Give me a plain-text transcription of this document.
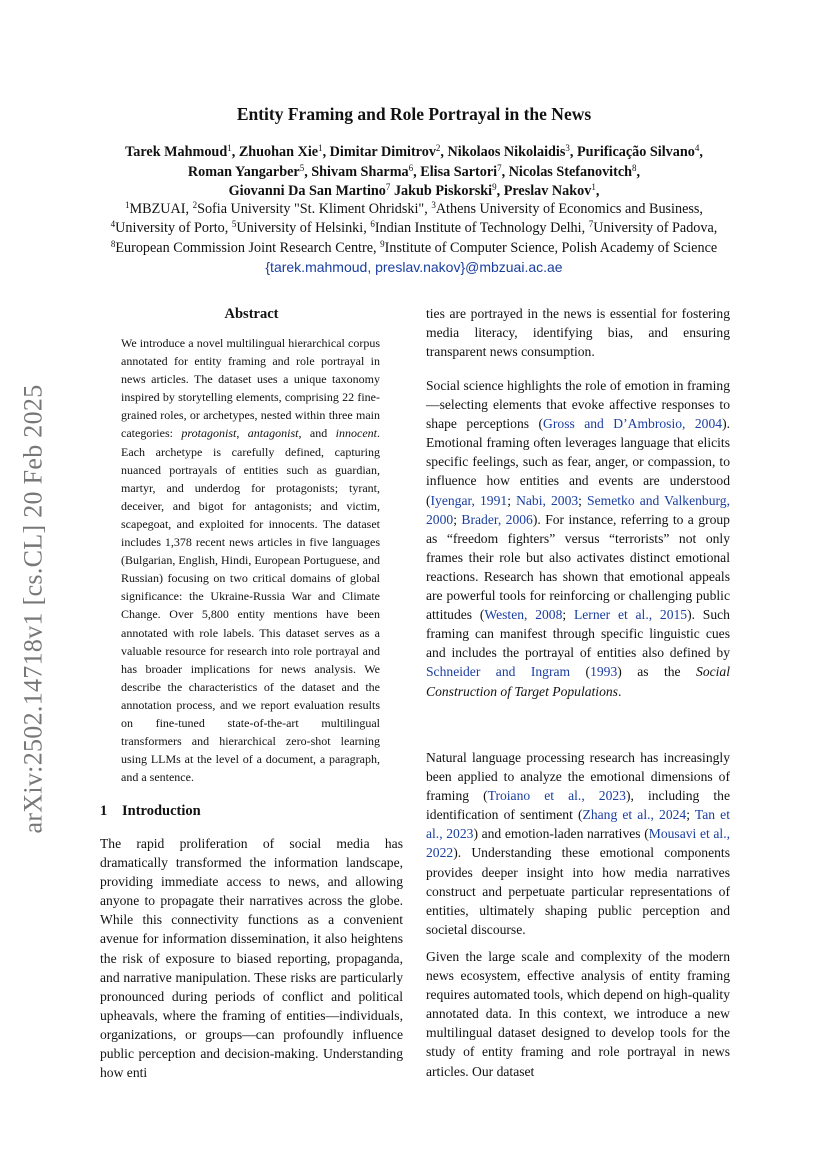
Entity Framing and Role Portrayal in the News
Tarek Mahmoud$^1$, Zhuohan Xie$^1$, Dimitar Dimitrov$^2$, Nikolaos Nikolaidis$^3$, Purificação Silvano$^4$,
Roman Yangarber$^5$, Shivam Sharma$^6$, Elisa Sartori$^7$, Nicolas Stefanovitch$^8$,
Giovanni Da San Martino$^7$ Jakub Piskorski$^9$, Preslav Nakov$^1$,
$^1$MBZUAI, $^2$Sofia University "St. Kliment Ohridski", $^3$Athens University of Economics and Business,
$^4$University of Porto, $^5$University of Helsinki, $^6$Indian Institute of Technology Delhi, $^7$University of Padova,
$^8$European Commission Joint Research Centre, $^9$Institute of Computer Science, Polish Academy of Science
{tarek.mahmoud, preslav.nakov}@mbzuai.ac.ae
arXiv:2502.14718v1 [cs.CL] 20 Feb 2025
Abstract

We introduce a novel multilingual hierarchical corpus annotated for entity framing and role portrayal in news articles. The dataset uses a unique taxonomy inspired by storytelling elements, comprising 22 fine-grained roles, or archetypes, nested within three main categories: protagonist, antagonist, and innocent. Each archetype is carefully defined, capturing nuanced portrayals of entities such as guardian, martyr, and underdog for protagonists; tyrant, deceiver, and bigot for antagonists; and victim, scapegoat, and exploited for innocents. The dataset includes 1,378 recent news articles in five languages (Bulgarian, English, Hindi, European Portuguese, and Russian) focusing on two critical domains of global significance: the Ukraine-Russia War and Climate Change. Over 5,800 entity mentions have been annotated with role labels. This dataset serves as a valuable resource for research into role portrayal and has broader implications for news analysis. We describe the characteristics of the dataset and the annotation process, and we report evaluation results on fine-tuned state-of-the-art multilingual transformers and hierarchical zero-shot learning using LLMs at the level of a document, a paragraph, and a sentence.

1 Introduction

The rapid proliferation of social media has dramatically transformed the information landscape, providing immediate access to news, and allowing anyone to propagate their narratives across the globe. While this connectivity functions as a convenient avenue for information dissemination, it also heightens the risk of exposure to biased reporting, propaganda, and narrative manipulation. These risks are particularly pronounced during periods of conflict and political upheavals, where the framing of entities—individuals, organizations, or groups—can profoundly influence public perception and decision-making. Understanding how enti

ties are portrayed in the news is essential for fostering media literacy, identifying bias, and ensuring transparent news consumption.

Social science highlights the role of emotion in framing—selecting elements that evoke affective responses to shape perceptions (Gross and D’Ambrosio, 2004). Emotional framing often leverages language that elicits specific feelings, such as fear, anger, or compassion, to influence how entities and events are understood (Iyengar, 1991; Nabi, 2003; Semetko and Valkenburg, 2000; Brader, 2006). For instance, referring to a group as “freedom fighters” versus “terrorists” not only frames their role but also activates distinct emotional reactions. Research has shown that emotional appeals are powerful tools for reinforcing or challenging public attitudes (Westen, 2008; Lerner et al., 2015). Such framing can manifest through specific linguistic cues and includes the portrayal of entities also defined by Schneider and Ingram (1993) as the Social Construction of Target Populations.

Natural language processing research has increasingly been applied to analyze the emotional dimensions of framing (Troiano et al., 2023), including the identification of sentiment (Zhang et al., 2024; Tan et al., 2023) and emotion-laden narratives (Mousavi et al., 2022). Understanding these emotional components provides deeper insight into how media narratives construct and perpetuate particular representations of entities, ultimately shaping public perception and societal discourse.

Given the large scale and complexity of the modern news ecosystem, effective analysis of entity framing requires automated tools, which depend on high-quality annotated data. In this context, we introduce a new multilingual dataset designed to develop tools for the study of entity framing and role portrayal in news articles. Our dataset
